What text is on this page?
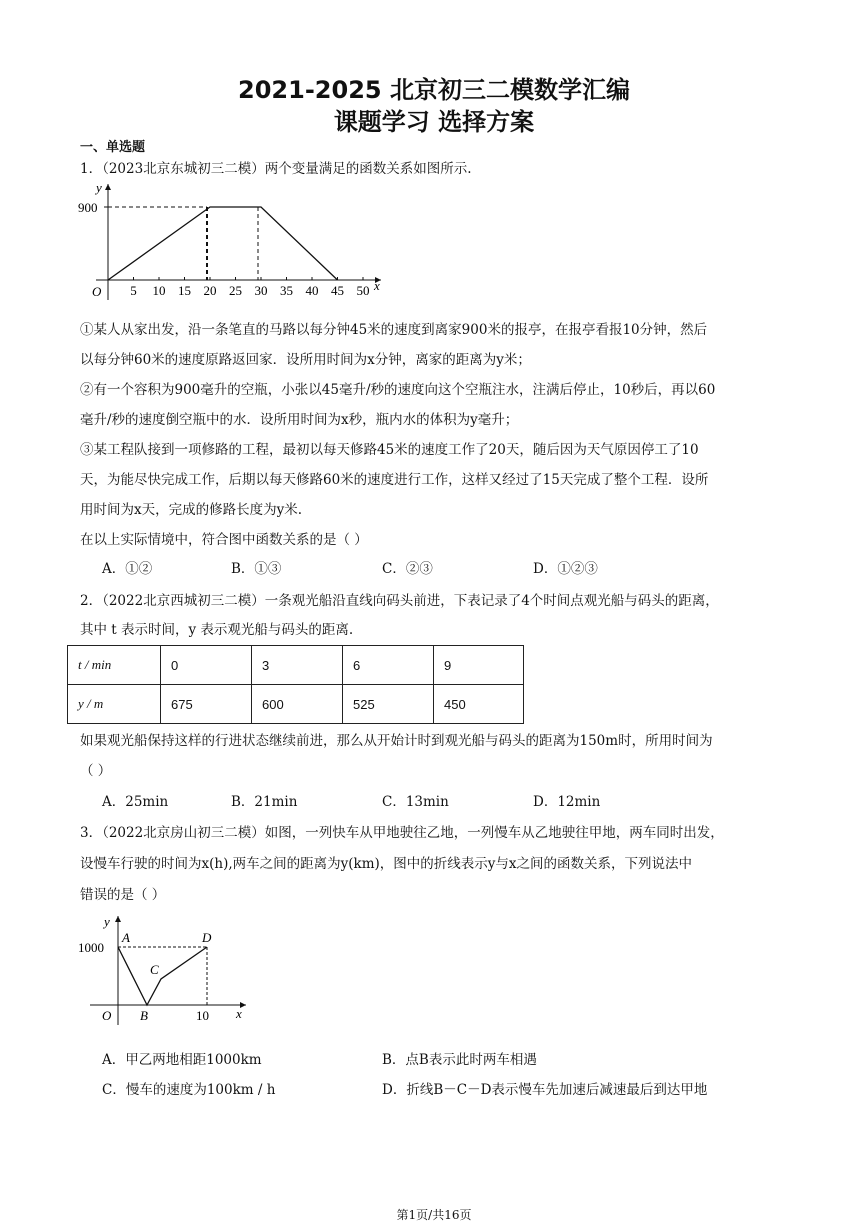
2021-2025 北京初三二模数学汇编
课题学习 选择方案
一、单选题
1．（2023北京东城初三二模）两个变量满足的函数关系如图所示.
y
x
O
900
5 10 15 20 25 30 35 40 45 50
①某人从家出发，沿一条笔直的马路以每分钟45米的速度到离家900米的报亭，在报亭看报10分钟，然后
以每分钟60米的速度原路返回家．设所用时间为x分钟，离家的距离为y米；
②有一个容积为900毫升的空瓶，小张以45毫升/秒的速度向这个空瓶注水，注满后停止，10秒后，再以60
毫升/秒的速度倒空瓶中的水．设所用时间为x秒，瓶内水的体积为y毫升；
③某工程队接到一项修路的工程，最初以每天修路45米的速度工作了20天，随后因为天气原因停工了10
天，为能尽快完成工作，后期以每天修路60米的速度进行工作，这样又经过了15天完成了整个工程．设所
用时间为x天，完成的修路长度为y米.
在以上实际情境中，符合图中函数关系的是（ ）
A．①②	B．①③	C．②③	D．①②③
2．（2022北京西城初三二模）一条观光船沿直线向码头前进，下表记录了4个时间点观光船与码头的距离，
其中 t 表示时间，y 表示观光船与码头的距离.
t / min	0	3	6	9
y / m	675	600	525	450
如果观光船保持这样的行进状态继续前进，那么从开始计时到观光船与码头的距离为150m时，所用时间为
（ ）
A．25min	B．21min	C．13min	D．12min
3．（2022北京房山初三二模）如图，一列快车从甲地驶往乙地，一列慢车从乙地驶往甲地，两车同时出发，
设慢车行驶的时间为x(h),两车之间的距离为y(km)，图中的折线表示y与x之间的函数关系，下列说法中
错误的是（ ）
y
x
O
1000
10
A
B
C
D
A．甲乙两地相距1000km	B．点B表示此时两车相遇
C．慢车的速度为100km / h	D．折线B－C－D表示慢车先加速后减速最后到达甲地
第1页/共16页
